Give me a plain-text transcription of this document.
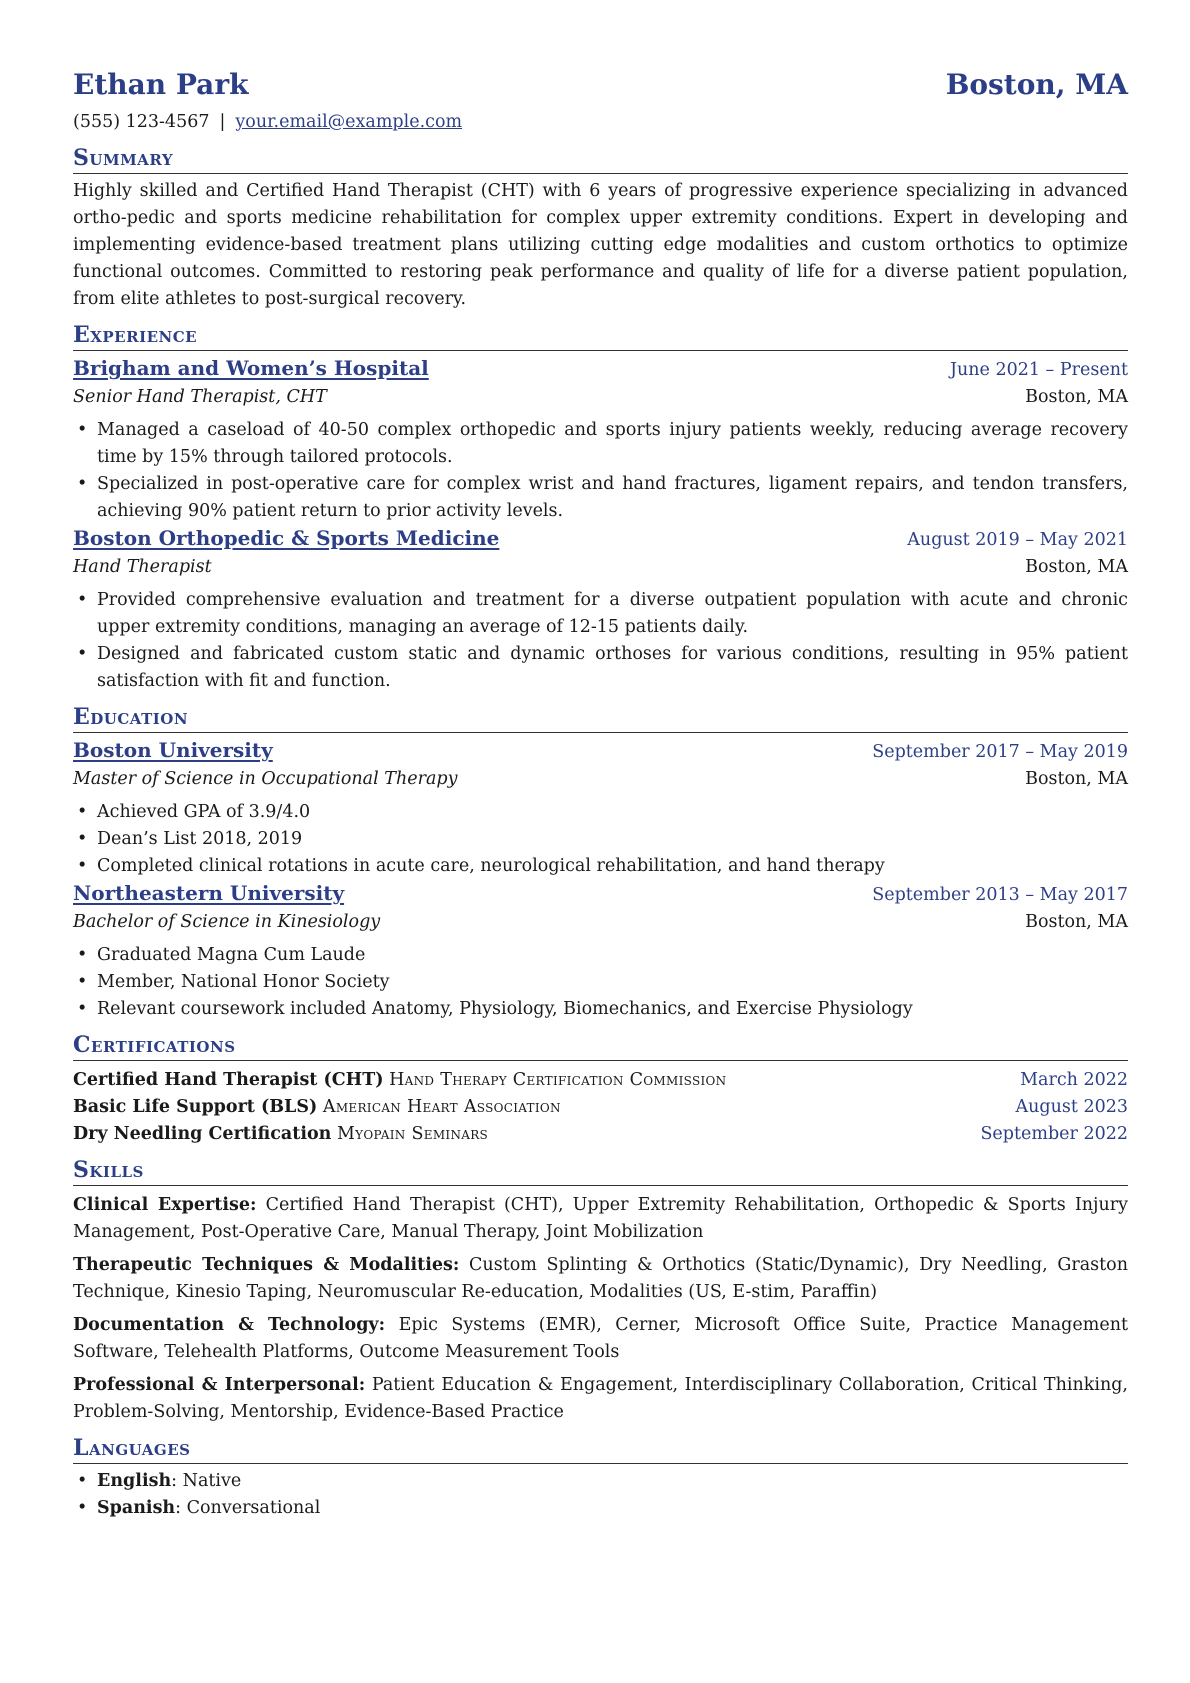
Ethan Park	Boston, MA
(555) 123-4567 | your.email@example.com
Summary
Highly skilled and Certified Hand Therapist (CHT) with 6 years of progressive experience specializing in advanced ortho-pedic and sports medicine rehabilitation for complex upper extremity conditions. Expert in developing and implementing evidence-based treatment plans utilizing cutting edge modalities and custom orthotics to optimize functional outcomes. Committed to restoring peak performance and quality of life for a diverse patient population, from elite athletes to post-surgical recovery.
Experience
Brigham and Women’s Hospital	June 2021 – Present
Senior Hand Therapist, CHT	Boston, MA
• Managed a caseload of 40-50 complex orthopedic and sports injury patients weekly, reducing average recovery time by 15% through tailored protocols.
• Specialized in post-operative care for complex wrist and hand fractures, ligament repairs, and tendon transfers, achieving 90% patient return to prior activity levels.
Boston Orthopedic & Sports Medicine	August 2019 – May 2021
Hand Therapist	Boston, MA
• Provided comprehensive evaluation and treatment for a diverse outpatient population with acute and chronic upper extremity conditions, managing an average of 12-15 patients daily.
• Designed and fabricated custom static and dynamic orthoses for various conditions, resulting in 95% patient satisfaction with fit and function.
Education
Boston University	September 2017 – May 2019
Master of Science in Occupational Therapy	Boston, MA
• Achieved GPA of 3.9/4.0
• Dean’s List 2018, 2019
• Completed clinical rotations in acute care, neurological rehabilitation, and hand therapy
Northeastern University	September 2013 – May 2017
Bachelor of Science in Kinesiology	Boston, MA
• Graduated Magna Cum Laude
• Member, National Honor Society
• Relevant coursework included Anatomy, Physiology, Biomechanics, and Exercise Physiology
Certifications
Certified Hand Therapist (CHT) Hand Therapy Certification Commission	March 2022
Basic Life Support (BLS) American Heart Association	August 2023
Dry Needling Certification Myopain Seminars	September 2022
Skills
Clinical Expertise: Certified Hand Therapist (CHT), Upper Extremity Rehabilitation, Orthopedic & Sports Injury Management, Post-Operative Care, Manual Therapy, Joint Mobilization
Therapeutic Techniques & Modalities: Custom Splinting & Orthotics (Static/Dynamic), Dry Needling, Graston Technique, Kinesio Taping, Neuromuscular Re-education, Modalities (US, E-stim, Paraffin)
Documentation & Technology: Epic Systems (EMR), Cerner, Microsoft Office Suite, Practice Management Software, Telehealth Platforms, Outcome Measurement Tools
Professional & Interpersonal: Patient Education & Engagement, Interdisciplinary Collaboration, Critical Thinking, Problem-Solving, Mentorship, Evidence-Based Practice
Languages
• English: Native
• Spanish: Conversational
